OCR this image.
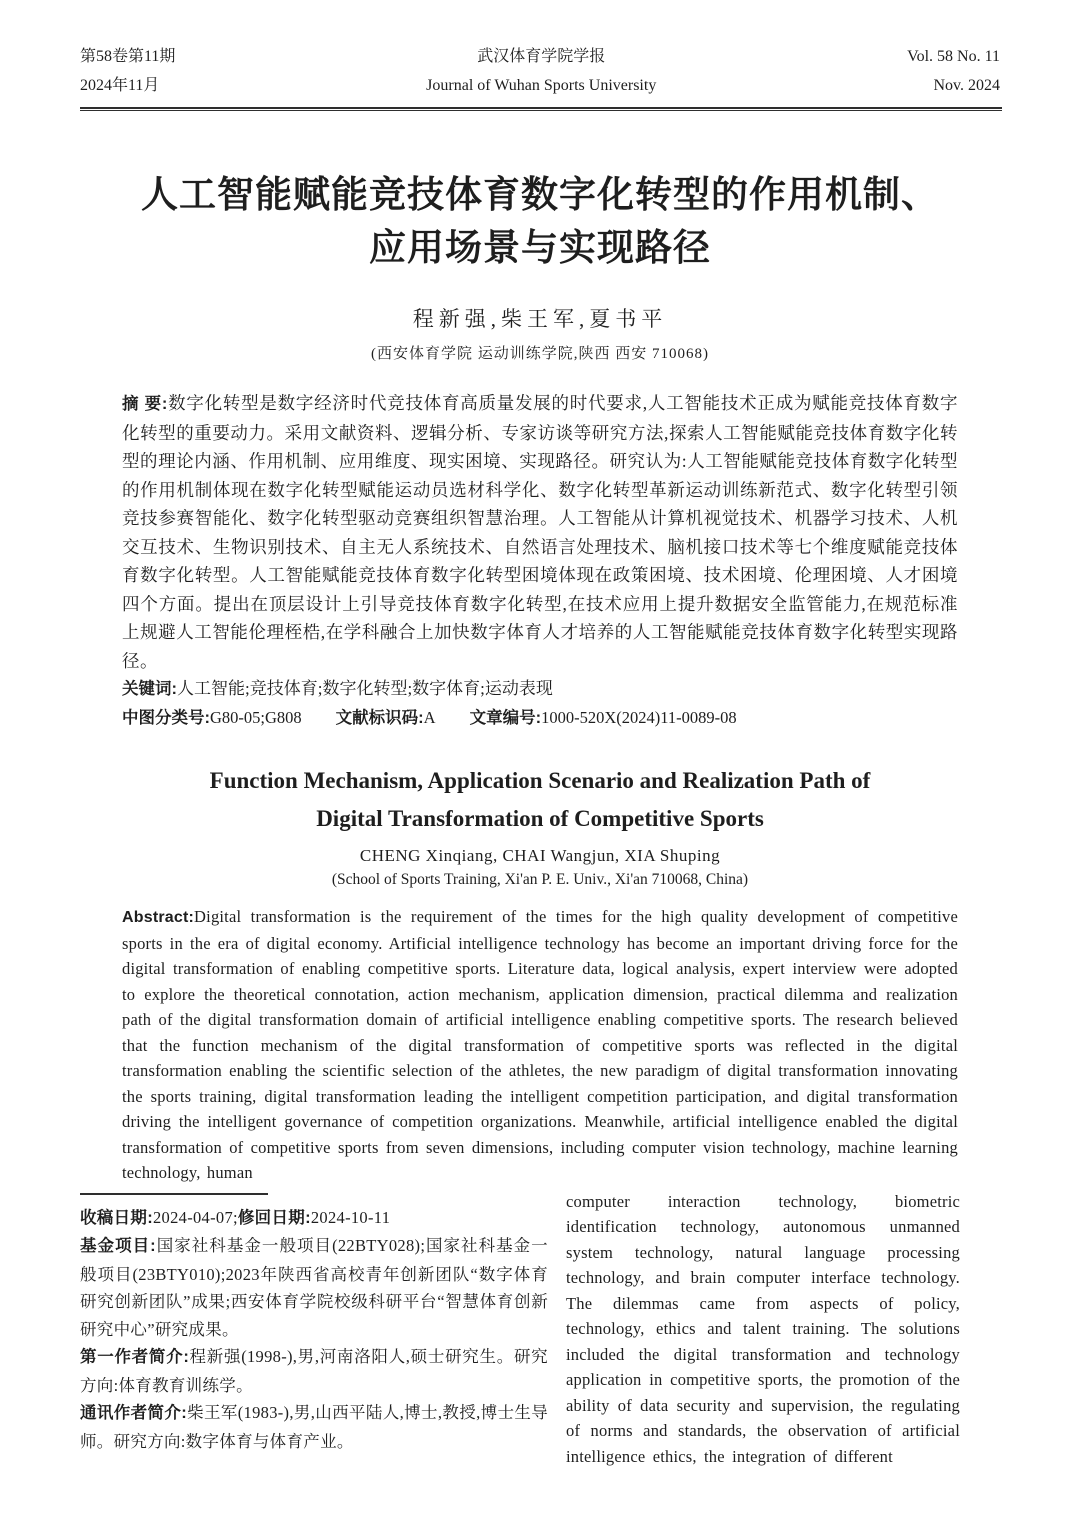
第58卷第11期
2024年11月
武汉体育学院学报
Journal of Wuhan Sports University
Vol. 58 No. 11
Nov. 2024
人工智能赋能竞技体育数字化转型的作用机制、
应用场景与实现路径
程新强,柴王军,夏书平
(西安体育学院 运动训练学院,陕西 西安 710068)

摘 要:数字化转型是数字经济时代竞技体育高质量发展的时代要求,人工智能技术正成为赋能竞技体育数字化转型的重要动力。采用文献资料、逻辑分析、专家访谈等研究方法,探索人工智能赋能竞技体育数字化转型的理论内涵、作用机制、应用维度、现实困境、实现路径。研究认为:人工智能赋能竞技体育数字化转型的作用机制体现在数字化转型赋能运动员选材科学化、数字化转型革新运动训练新范式、数字化转型引领竞技参赛智能化、数字化转型驱动竞赛组织智慧治理。人工智能从计算机视觉技术、机器学习技术、人机交互技术、生物识别技术、自主无人系统技术、自然语言处理技术、脑机接口技术等七个维度赋能竞技体育数字化转型。人工智能赋能竞技体育数字化转型困境体现在政策困境、技术困境、伦理困境、人才困境四个方面。提出在顶层设计上引导竞技体育数字化转型,在技术应用上提升数据安全监管能力,在规范标准上规避人工智能伦理桎梏,在学科融合上加快数字体育人才培养的人工智能赋能竞技体育数字化转型实现路径。

关键词:人工智能;竞技体育;数字化转型;数字体育;运动表现

中图分类号:G80-05;G808 文献标识码:A 文章编号:1000-520X(2024)11-0089-08

Function Mechanism, Application Scenario and Realization Path of
Digital Transformation of Competitive Sports
CHENG Xinqiang, CHAI Wangjun, XIA Shuping
(School of Sports Training, Xi'an P. E. Univ., Xi'an 710068, China)

Abstract:Digital transformation is the requirement of the times for the high quality development of competitive sports in the era of digital economy. Artificial intelligence technology has become an important driving force for the digital transformation of enabling competitive sports. Literature data, logical analysis, expert interview were adopted to explore the theoretical connotation, action mechanism, application dimension, practical dilemma and realization path of the digital transformation domain of artificial intelligence enabling competitive sports. The research believed that the function mechanism of the digital transformation of competitive sports was reflected in the digital transformation enabling the scientific selection of the athletes, the new paradigm of digital transformation innovating the sports training, digital transformation leading the intelligent competition participation, and digital transformation driving the intelligent governance of competition organizations. Meanwhile, artificial intelligence enabled the digital transformation of competitive sports from seven dimensions, including computer vision technology, machine learning technology, human

收稿日期:2024-04-07;修回日期:2024-10-11

基金项目:国家社科基金一般项目(22BTY028);国家社科基金一般项目(23BTY010);2023年陕西省高校青年创新团队“数字体育研究创新团队”成果;西安体育学院校级科研平台“智慧体育创新研究中心”研究成果。

第一作者简介:程新强(1998-),男,河南洛阳人,硕士研究生。研究方向:体育教育训练学。

通讯作者简介:柴王军(1983-),男,山西平陆人,博士,教授,博士生导师。研究方向:数字体育与体育产业。

computer interaction technology, biometric identification technology, autonomous unmanned system technology, natural language processing technology, and brain computer interface technology. The dilemmas came from aspects of policy, technology, ethics and talent training. The solutions included the digital transformation and technology application in competitive sports, the promotion of the ability of data security and supervision, the regulating of norms and standards, the observation of artificial intelligence ethics, the integration of different
